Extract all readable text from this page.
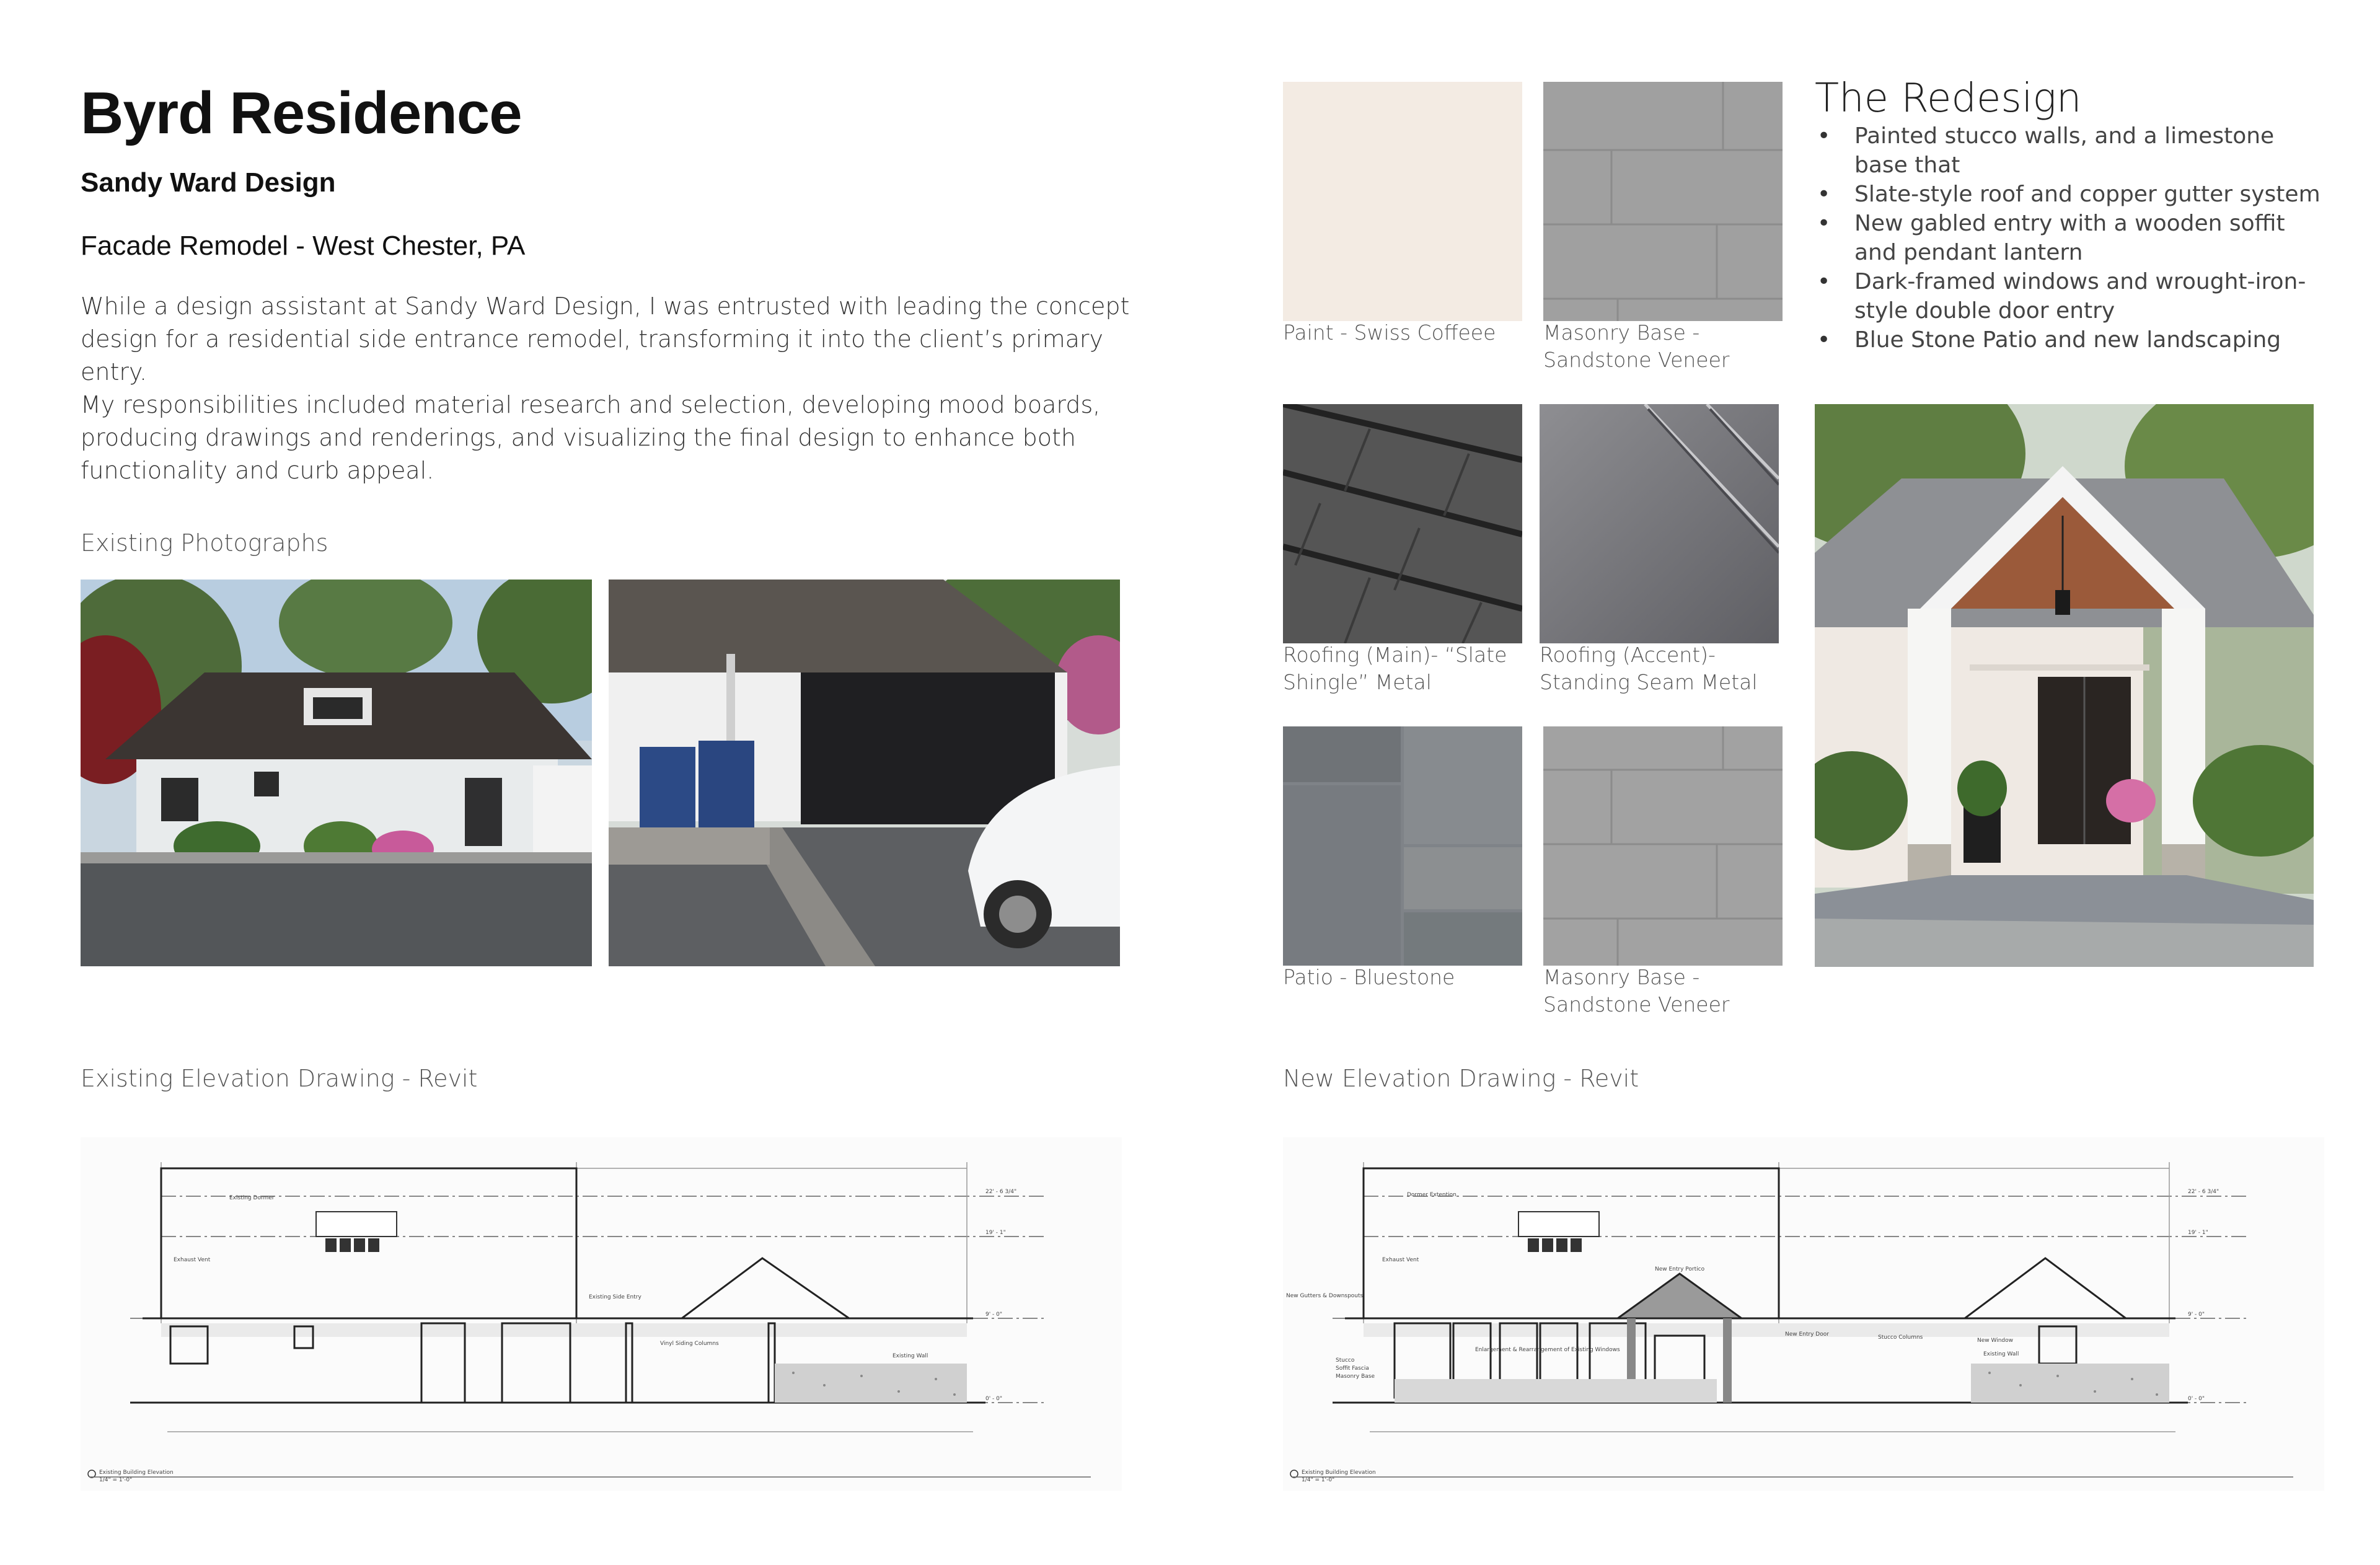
Byrd Residence
Sandy Ward Design
Facade Remodel - West Chester, PA

While a design assistant at Sandy Ward Design, I was entrusted with leading the concept design for a residential side entrance remodel, transforming it into the client’s primary entry.

My responsibilities included material research and selection, developing mood boards, producing drawings and renderings, and visualizing the final design to enhance both functionality and curb appeal.

Existing Photographs
Paint - Swiss Coffeee	Masonry Base - Sandstone Veneer
Roofing (Main)- “Slate Shingle” Metal
Roofing (Accent)- Standing Seam Metal
Patio - Bluestone	Masonry Base - Sandstone Veneer
The Redesign
• Painted stucco walls, and a limestone base that
• Slate-style roof and copper gutter system
• New gabled entry with a wooden soffit and pendant lantern
• Dark-framed windows and wrought-iron-style double door entry
• Blue Stone Patio and new landscaping
Existing Elevation Drawing - Revit	New Elevation Drawing - Revit
22' - 6 3/4"
19' - 1"
9' - 0"
0' - 0"
Existing Dormer
Exhaust Vent
Existing Side Entry
Vinyl Siding Columns
Existing Wall
Existing Building Elevation
1/4" = 1'-0"
22' - 6 3/4"
19' - 1"
9' - 0"
0' - 0"
Dormer Extention
Exhaust Vent
New Entry Portico
New Gutters & Downspouts
New Entry Door
Stucco
Soffit Fascia
Masonry Base
Enlargement & Rearrangement of Existing Windows
Stucco Columns	New Window
Existing Wall
Existing Building Elevation
1/4" = 1'-0"
